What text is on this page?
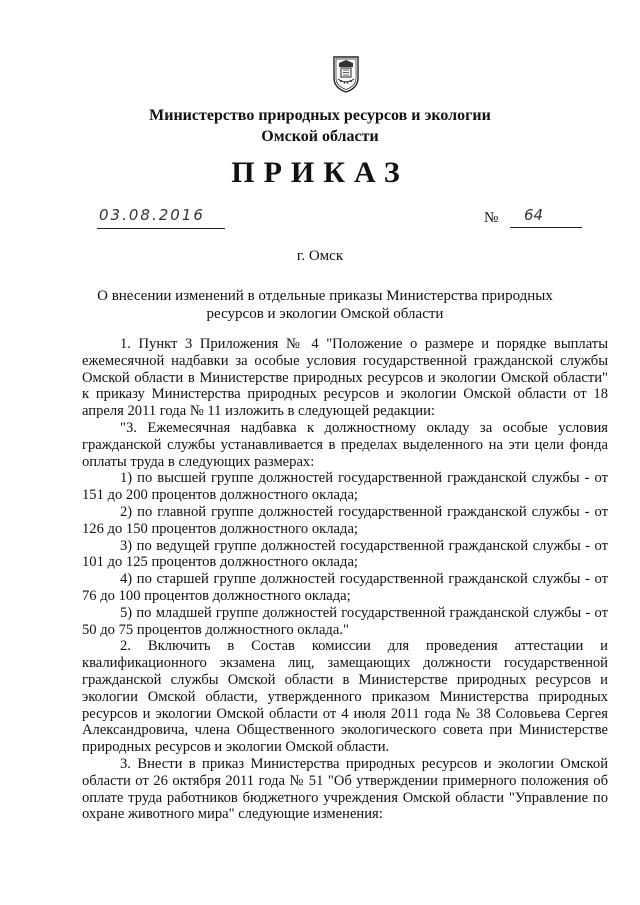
Министерство природных ресурсов и экологии
Омской области
ПРИКАЗ
03.08.2016	№	64
г. Омск
О внесении изменений в отдельные приказы Министерства природных ресурсов и экологии Омской области

1. Пункт 3 Приложения № 4 "Положение о размере и порядке выплаты ежемесячной надбавки за особые условия государственной гражданской службы Омской области в Министерстве природных ресурсов и экологии Омской области" к приказу Министерства природных ресурсов и экологии Омской области от 18 апреля 2011 года № 11 изложить в следующей редакции:

"3. Ежемесячная надбавка к должностному окладу за особые условия гражданской службы устанавливается в пределах выделенного на эти цели фонда оплаты труда в следующих размерах:

1) по высшей группе должностей государственной гражданской службы - от 151 до 200 процентов должностного оклада;

2) по главной группе должностей государственной гражданской службы - от 126 до 150 процентов должностного оклада;

3) по ведущей группе должностей государственной гражданской службы - от 101 до 125 процентов должностного оклада;

4) по старшей группе должностей государственной гражданской службы - от 76 до 100 процентов должностного оклада;

5) по младшей группе должностей государственной гражданской службы - от 50 до 75 процентов должностного оклада."

2. Включить в Состав комиссии для проведения аттестации и квалификационного экзамена лиц, замещающих должности государственной гражданской службы Омской области в Министерстве природных ресурсов и экологии Омской области, утвержденного приказом Министерства природных ресурсов и экологии Омской области от 4 июля 2011 года № 38 Соловьева Сергея Александровича, члена Общественного экологического совета при Министерстве природных ресурсов и экологии Омской области.

3. Внести в приказ Министерства природных ресурсов и экологии Омской области от 26 октября 2011 года № 51 "Об утверждении примерного положения об оплате труда работников бюджетного учреждения Омской области "Управление по охране животного мира" следующие изменения:
